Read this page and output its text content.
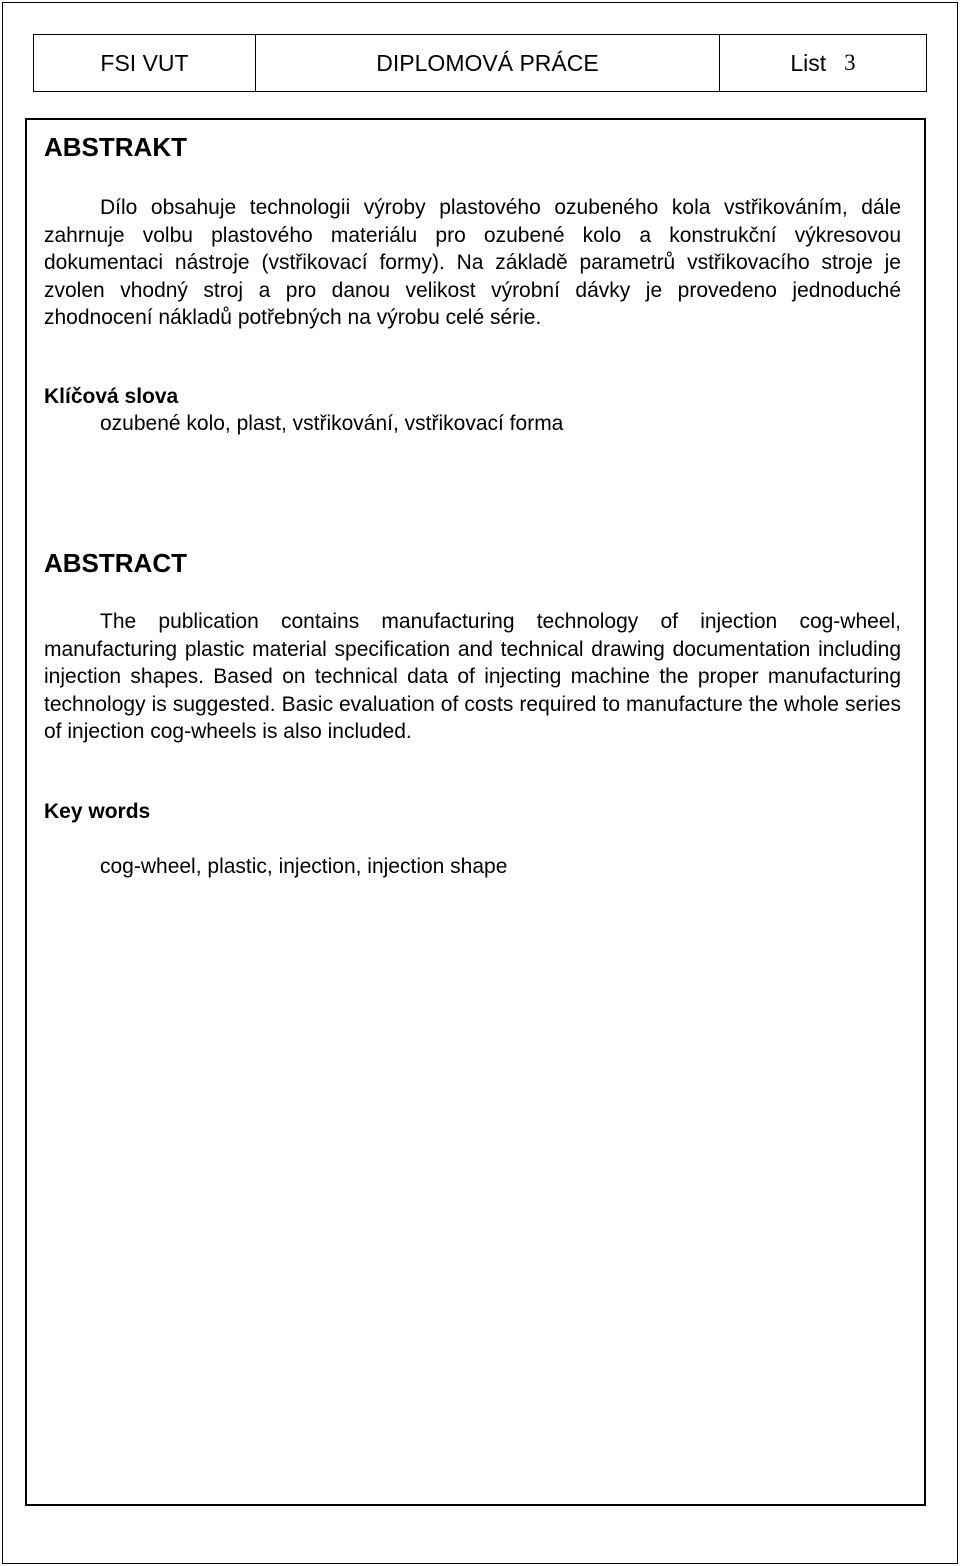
FSI VUT	DIPLOMOVÁ PRÁCE	List 3
ABSTRAKT

Dílo obsahuje technologii výroby plastového ozubeného kola vstřikováním, dále zahrnuje volbu plastového materiálu pro ozubené kolo a konstrukční výkresovou dokumentaci nástroje (vstřikovací formy). Na základě parametrů vstřikovacího stroje je zvolen vhodný stroj a pro danou velikost výrobní dávky je provedeno jednoduché zhodnocení nákladů potřebných na výrobu celé série.

Klíčová slova

ozubené kolo, plast, vstřikování, vstřikovací forma

ABSTRACT

The publication contains manufacturing technology of injection cog-wheel, manufacturing plastic material specification and technical drawing documentation including injection shapes. Based on technical data of injecting machine the proper manufacturing technology is suggested. Basic evaluation of costs required to manufacture the whole series of injection cog-wheels is also included.

Key words

cog-wheel, plastic, injection, injection shape
